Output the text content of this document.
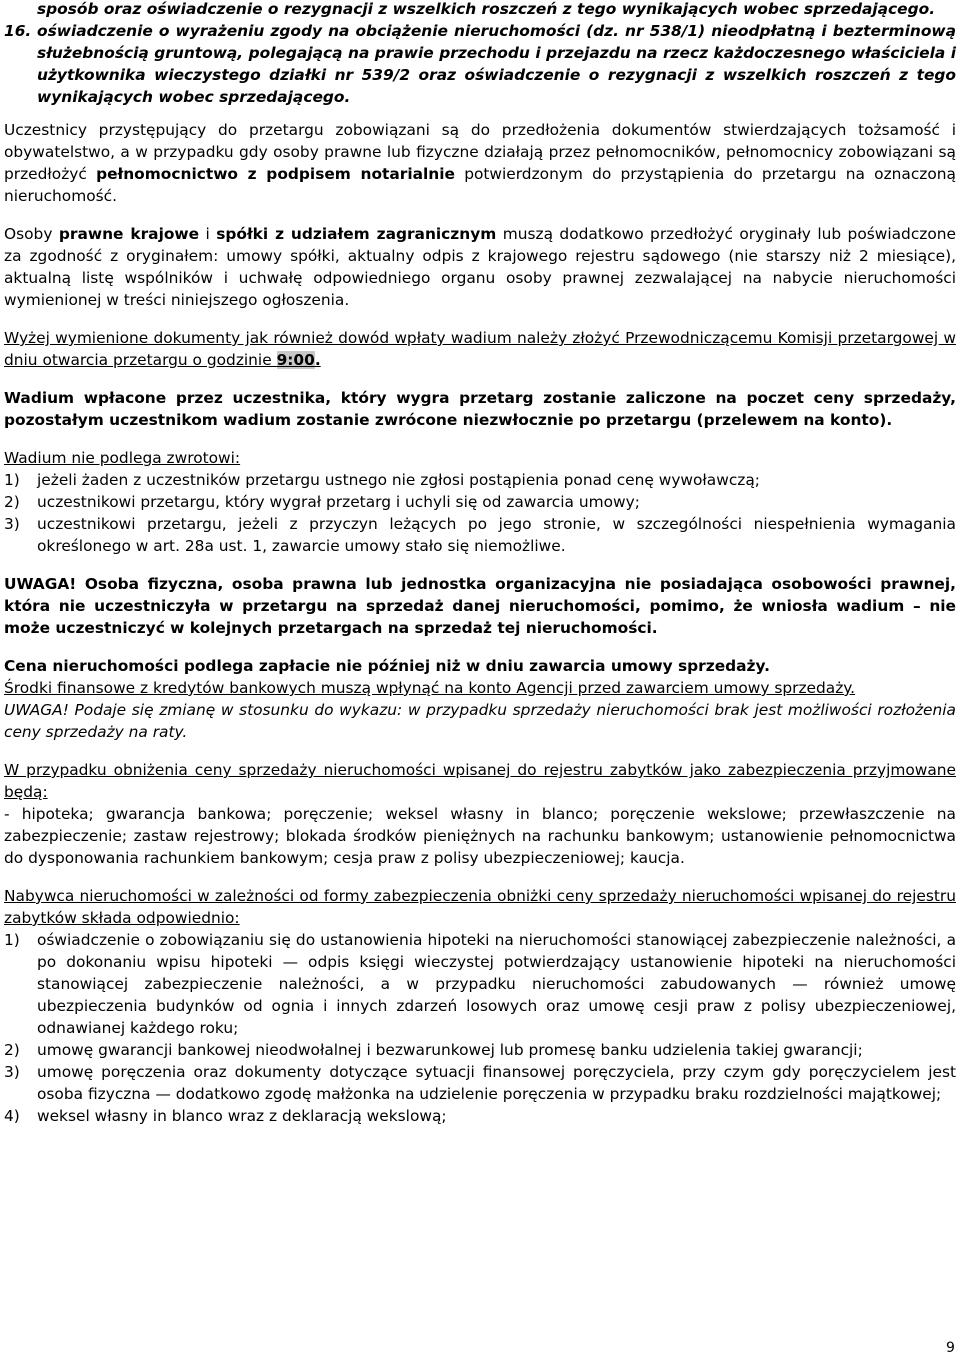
sposób oraz oświadczenie o rezygnacji z wszelkich roszczeń z tego wynikających wobec sprzedającego.

16. oświadczenie o wyrażeniu zgody na obciążenie nieruchomości (dz. nr 538/1) nieodpłatną i bezterminową służebnością gruntową, polegającą na prawie przechodu i przejazdu na rzecz każdoczesnego właściciela i użytkownika wieczystego działki nr 539/2 oraz oświadczenie o rezygnacji z wszelkich roszczeń z tego wynikających wobec sprzedającego.

Uczestnicy przystępujący do przetargu zobowiązani są do przedłożenia dokumentów stwierdzających tożsamość i obywatelstwo, a w przypadku gdy osoby prawne lub fizyczne działają przez pełnomocników, pełnomocnicy zobowiązani są przedłożyć pełnomocnictwo z podpisem notarialnie potwierdzonym do przystąpienia do przetargu na oznaczoną nieruchomość.

Osoby prawne krajowe i spółki z udziałem zagranicznym muszą dodatkowo przedłożyć oryginały lub poświadczone za zgodność z oryginałem: umowy spółki, aktualny odpis z krajowego rejestru sądowego (nie starszy niż 2 miesiące), aktualną listę wspólników i uchwałę odpowiedniego organu osoby prawnej zezwalającej na nabycie nieruchomości wymienionej w treści niniejszego ogłoszenia.

Wyżej wymienione dokumenty jak również dowód wpłaty wadium należy złożyć Przewodniczącemu Komisji przetargowej w dniu otwarcia przetargu o godzinie 9:00.

Wadium wpłacone przez uczestnika, który wygra przetarg zostanie zaliczone na poczet ceny sprzedaży, pozostałym uczestnikom wadium zostanie zwrócone niezwłocznie po przetargu (przelewem na konto).

Wadium nie podlega zwrotowi:

1) jeżeli żaden z uczestników przetargu ustnego nie zgłosi postąpienia ponad cenę wywoławczą;
2) uczestnikowi przetargu, który wygrał przetarg i uchyli się od zawarcia umowy;
3) uczestnikowi przetargu, jeżeli z przyczyn leżących po jego stronie, w szczególności niespełnienia wymagania określonego w art. 28a ust. 1, zawarcie umowy stało się niemożliwe.

UWAGA! Osoba fizyczna, osoba prawna lub jednostka organizacyjna nie posiadająca osobowości prawnej, która nie uczestniczyła w przetargu na sprzedaż danej nieruchomości, pomimo, że wniosła wadium – nie może uczestniczyć w kolejnych przetargach na sprzedaż tej nieruchomości.

Cena nieruchomości podlega zapłacie nie później niż w dniu zawarcia umowy sprzedaży.

Środki finansowe z kredytów bankowych muszą wpłynąć na konto Agencji przed zawarciem umowy sprzedaży.

UWAGA! Podaje się zmianę w stosunku do wykazu: w przypadku sprzedaży nieruchomości brak jest możliwości rozłożenia ceny sprzedaży na raty.

W przypadku obniżenia ceny sprzedaży nieruchomości wpisanej do rejestru zabytków jako zabezpieczenia przyjmowane będą:

- hipoteka; gwarancja bankowa; poręczenie; weksel własny in blanco; poręczenie wekslowe; przewłaszczenie na zabezpieczenie; zastaw rejestrowy; blokada środków pieniężnych na rachunku bankowym; ustanowienie pełnomocnictwa do dysponowania rachunkiem bankowym; cesja praw z polisy ubezpieczeniowej; kaucja.

Nabywca nieruchomości w zależności od formy zabezpieczenia obniżki ceny sprzedaży nieruchomości wpisanej do rejestru zabytków składa odpowiednio:

1) oświadczenie o zobowiązaniu się do ustanowienia hipoteki na nieruchomości stanowiącej zabezpieczenie należności, a po dokonaniu wpisu hipoteki — odpis księgi wieczystej potwierdzający ustanowienie hipoteki na nieruchomości stanowiącej zabezpieczenie należności, a w przypadku nieruchomości zabudowanych — również umowę ubezpieczenia budynków od ognia i innych zdarzeń losowych oraz umowę cesji praw z polisy ubezpieczeniowej, odnawianej każdego roku;
2) umowę gwarancji bankowej nieodwołalnej i bezwarunkowej lub promesę banku udzielenia takiej gwarancji;
3) umowę poręczenia oraz dokumenty dotyczące sytuacji finansowej poręczyciela, przy czym gdy poręczycielem jest osoba fizyczna — dodatkowo zgodę małżonka na udzielenie poręczenia w przypadku braku rozdzielności majątkowej;
4) weksel własny in blanco wraz z deklaracją wekslową;
9
